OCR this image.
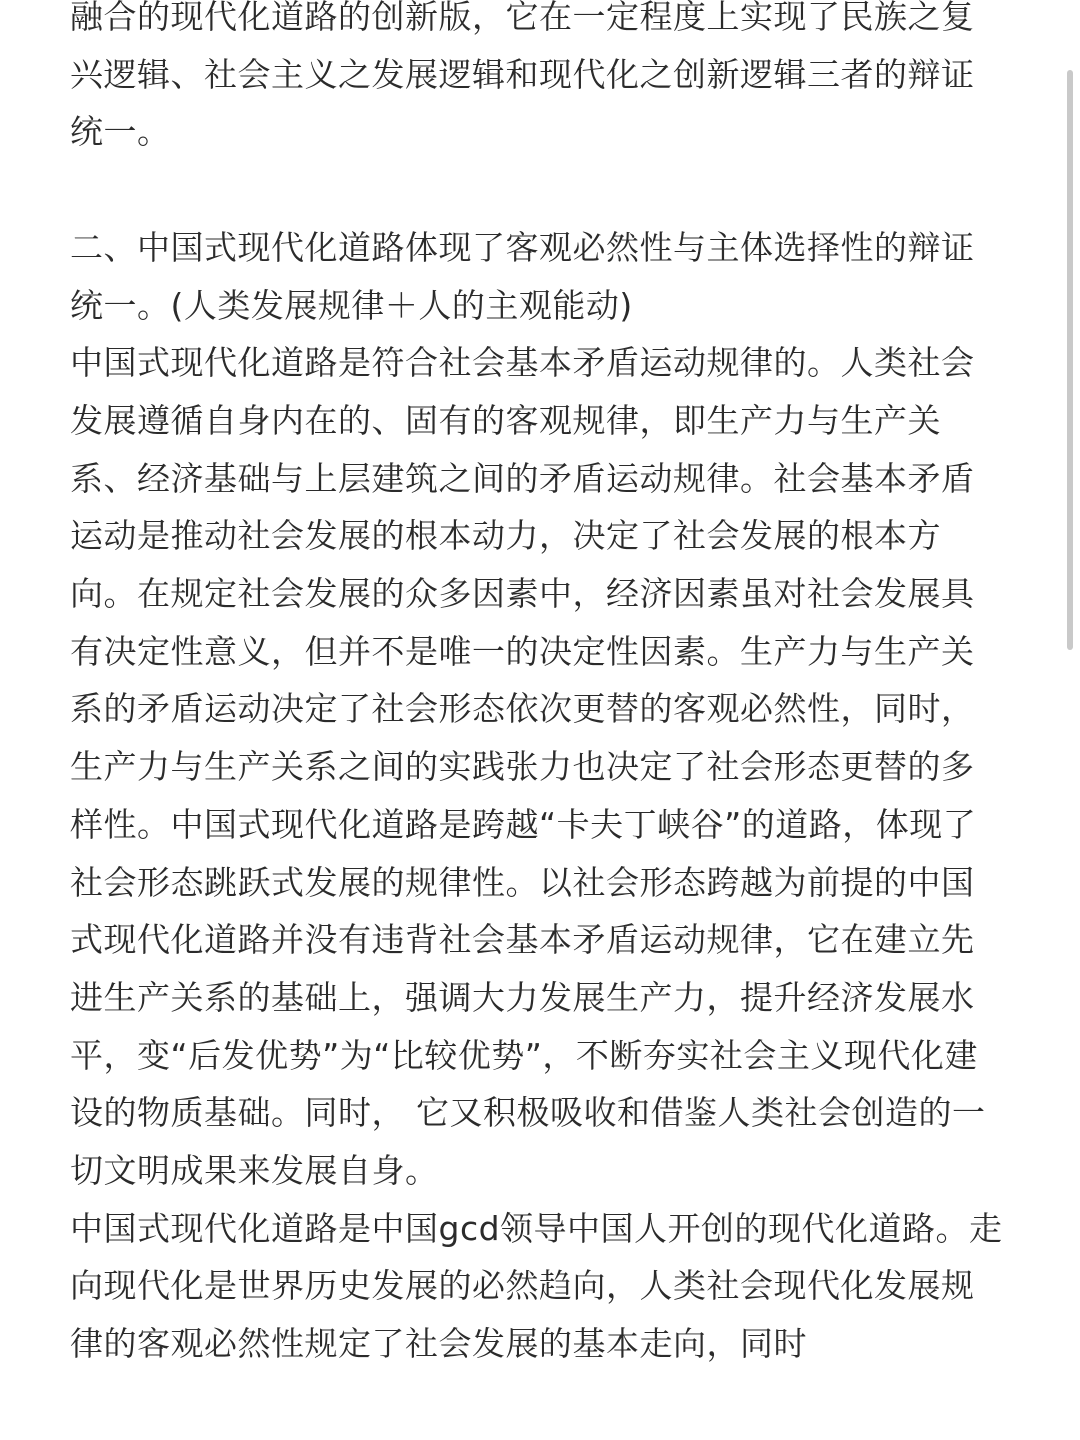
融合的现代化道路的创新版，它在一定程度上实现了民族之复兴逻辑、社会主义之发展逻辑和现代化之创新逻辑三者的辩证统一。

二、中国式现代化道路体现了客观必然性与主体选择性的辩证统一。(人类发展规律＋人的主观能动)

中国式现代化道路是符合社会基本矛盾运动规律的。人类社会发展遵循自身内在的、固有的客观规律，即生产力与生产关系、经济基础与上层建筑之间的矛盾运动规律。社会基本矛盾运动是推动社会发展的根本动力，决定了社会发展的根本方向。在规定社会发展的众多因素中，经济因素虽对社会发展具有决定性意义，但并不是唯一的决定性因素。生产力与生产关系的矛盾运动决定了社会形态依次更替的客观必然性，同时，生产力与生产关系之间的实践张力也决定了社会形态更替的多样性。中国式现代化道路是跨越“卡夫丁峡谷”的道路，体现了社会形态跳跃式发展的规律性。以社会形态跨越为前提的中国式现代化道路并没有违背社会基本矛盾运动规律，它在建立先进生产关系的基础上，强调大力发展生产力，提升经济发展水平，变“后发优势”为“比较优势”，不断夯实社会主义现代化建设的物质基础。同时， 它又积极吸收和借鉴人类社会创造的一切文明成果来发展自身。

中国式现代化道路是中国gcd领导中国人开创的现代化道路。走向现代化是世界历史发展的必然趋向，人类社会现代化发展规律的客观必然性规定了社会发展的基本走向，同时
